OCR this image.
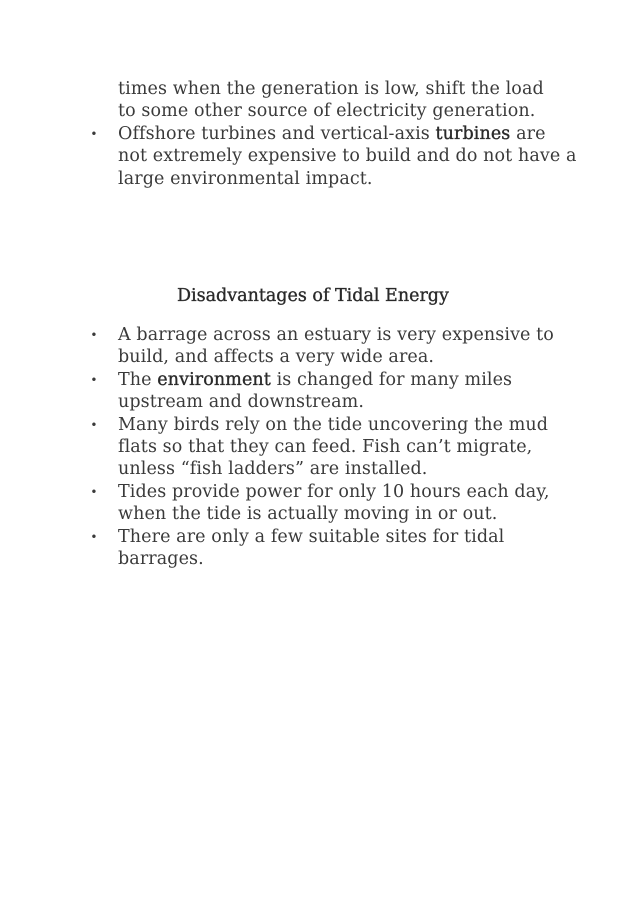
times when the generation is low, shift the load
to some other source of electricity generation.
• Offshore turbines and vertical-axis turbines are not extremely expensive to build and do not have a large environmental impact.
Disadvantages of Tidal Energy
• A barrage across an estuary is very expensive to build, and affects a very wide area.
• The environment is changed for many miles upstream and downstream.
• Many birds rely on the tide uncovering the mud flats so that they can feed. Fish can’t migrate, unless “fish ladders” are installed.
• Tides provide power for only 10 hours each day, when the tide is actually moving in or out.
• There are only a few suitable sites for tidal barrages.
